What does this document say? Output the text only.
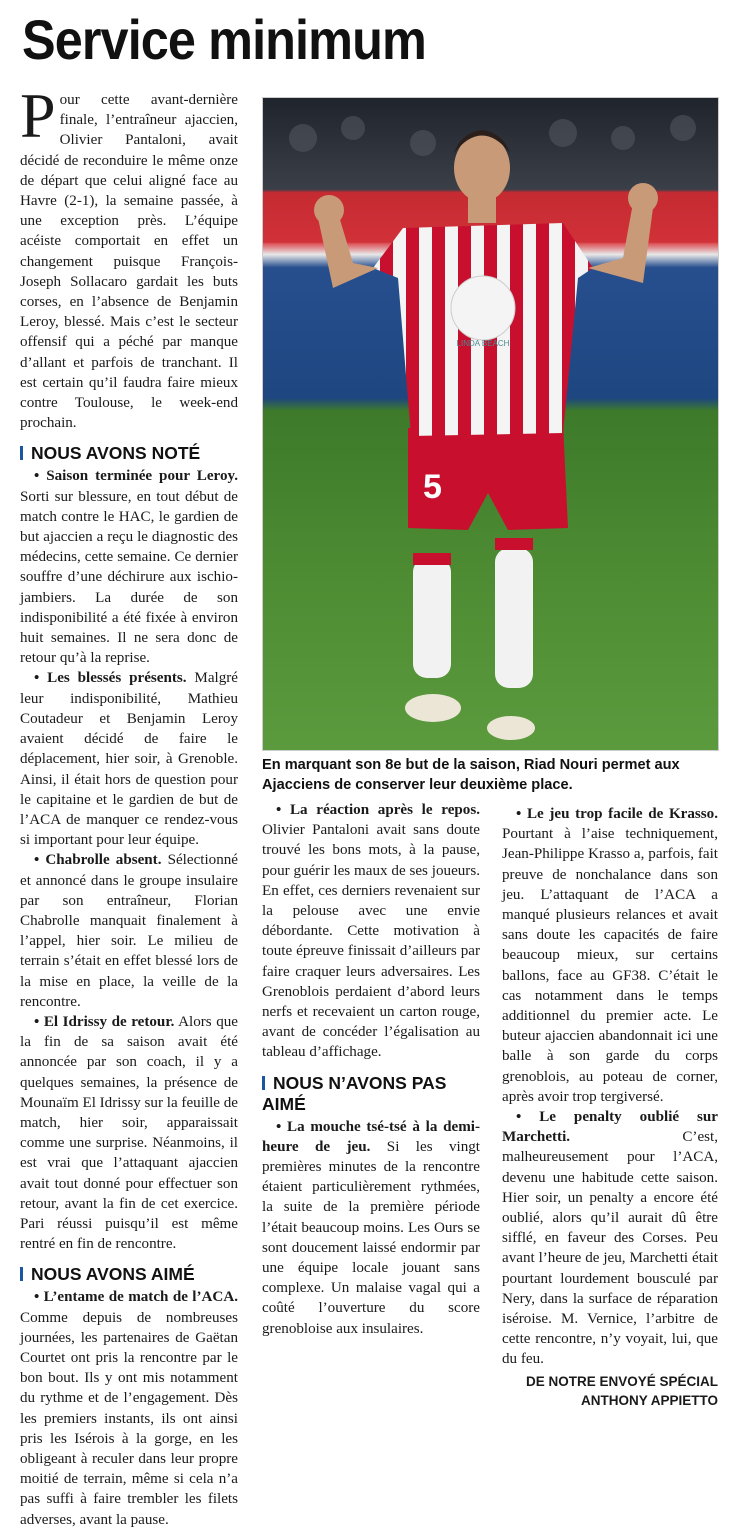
Service minimum
5
LINDA BEACH

En marquant son 8e but de la saison, Riad Nouri permet aux Ajacciens de conserver leur deuxième place.

Pour cette avant-dernière finale, l’entraîneur ajaccien, Olivier Pantaloni, avait décidé de reconduire le même onze de départ que celui aligné face au Havre (2-1), la semaine passée, à une exception près. L’équipe acéiste comportait en effet un changement puisque François-Joseph Sollacaro gardait les buts corses, en l’absence de Benjamin Leroy, blessé. Mais c’est le secteur offensif qui a péché par manque d’allant et parfois de tranchant. Il est certain qu’il faudra faire mieux contre Toulouse, le week-end prochain.

NOUS AVONS NOTÉ

• Saison terminée pour Leroy. Sorti sur blessure, en tout début de match contre le HAC, le gardien de but ajaccien a reçu le diagnostic des médecins, cette semaine. Ce dernier souffre d’une déchirure aux ischio-jambiers. La durée de son indisponibilité a été fixée à environ huit semaines. Il ne sera donc de retour qu’à la reprise.

• Les blessés présents. Malgré leur indisponibilité, Mathieu Coutadeur et Benjamin Leroy avaient décidé de faire le déplacement, hier soir, à Grenoble. Ainsi, il était hors de question pour le capitaine et le gardien de but de l’ACA de manquer ce rendez-vous si important pour leur équipe.

• Chabrolle absent. Sélectionné et annoncé dans le groupe insulaire par son entraîneur, Florian Chabrolle manquait finalement à l’appel, hier soir. Le milieu de terrain s’était en effet blessé lors de la mise en place, la veille de la rencontre.

• El Idrissy de retour. Alors que la fin de sa saison avait été annoncée par son coach, il y a quelques semaines, la présence de Mounaïm El Idrissy sur la feuille de match, hier soir, apparaissait comme une surprise. Néanmoins, il est vrai que l’attaquant ajaccien avait tout donné pour effectuer son retour, avant la fin de cet exercice. Pari réussi puisqu’il est même rentré en fin de rencontre.

NOUS AVONS AIMÉ

• L’entame de match de l’ACA. Comme depuis de nombreuses journées, les partenaires de Gaëtan Courtet ont pris la rencontre par le bon bout. Ils y ont mis notamment du rythme et de l’engagement. Dès les premiers instants, ils ont ainsi pris les Isérois à la gorge, en les obligeant à reculer dans leur propre moitié de terrain, même si cela n’a pas suffi à faire trembler les filets adverses, avant la pause.

• La réaction après le repos. Olivier Pantaloni avait sans doute trouvé les bons mots, à la pause, pour guérir les maux de ses joueurs. En effet, ces derniers revenaient sur la pelouse avec une envie débordante. Cette motivation à toute épreuve finissait d’ailleurs par faire craquer leurs adversaires. Les Grenoblois perdaient d’abord leurs nerfs et recevaient un carton rouge, avant de concéder l’égalisation au tableau d’affichage.

NOUS N’AVONS PAS AIMÉ

• La mouche tsé-tsé à la demi-heure de jeu. Si les vingt premières minutes de la rencontre étaient particulièrement rythmées, la suite de la première période l’était beaucoup moins. Les Ours se sont doucement laissé endormir par une équipe locale jouant sans complexe. Un malaise vagal qui a coûté l’ouverture du score grenobloise aux insulaires.

• Le jeu trop facile de Krasso. Pourtant à l’aise techniquement, Jean-Philippe Krasso a, parfois, fait preuve de nonchalance dans son jeu. L’attaquant de l’ACA a manqué plusieurs relances et avait sans doute les capacités de faire beaucoup mieux, sur certains ballons, face au GF38. C’était le cas notamment dans le temps additionnel du premier acte. Le buteur ajaccien abandonnait ici une balle à son garde du corps grenoblois, au poteau de corner, après avoir trop tergiversé.

• Le penalty oublié sur Marchetti. C’est, malheureusement pour l’ACA, devenu une habitude cette saison. Hier soir, un penalty a encore été oublié, alors qu’il aurait dû être sifflé, en faveur des Corses. Peu avant l’heure de jeu, Marchetti était pourtant lourdement bousculé par Nery, dans la surface de réparation iséroise. M. Vernice, l’arbitre de cette rencontre, n’y voyait, lui, que du feu.

DE NOTRE ENVOYÉ SPÉCIAL
ANTHONY APPIETTO
